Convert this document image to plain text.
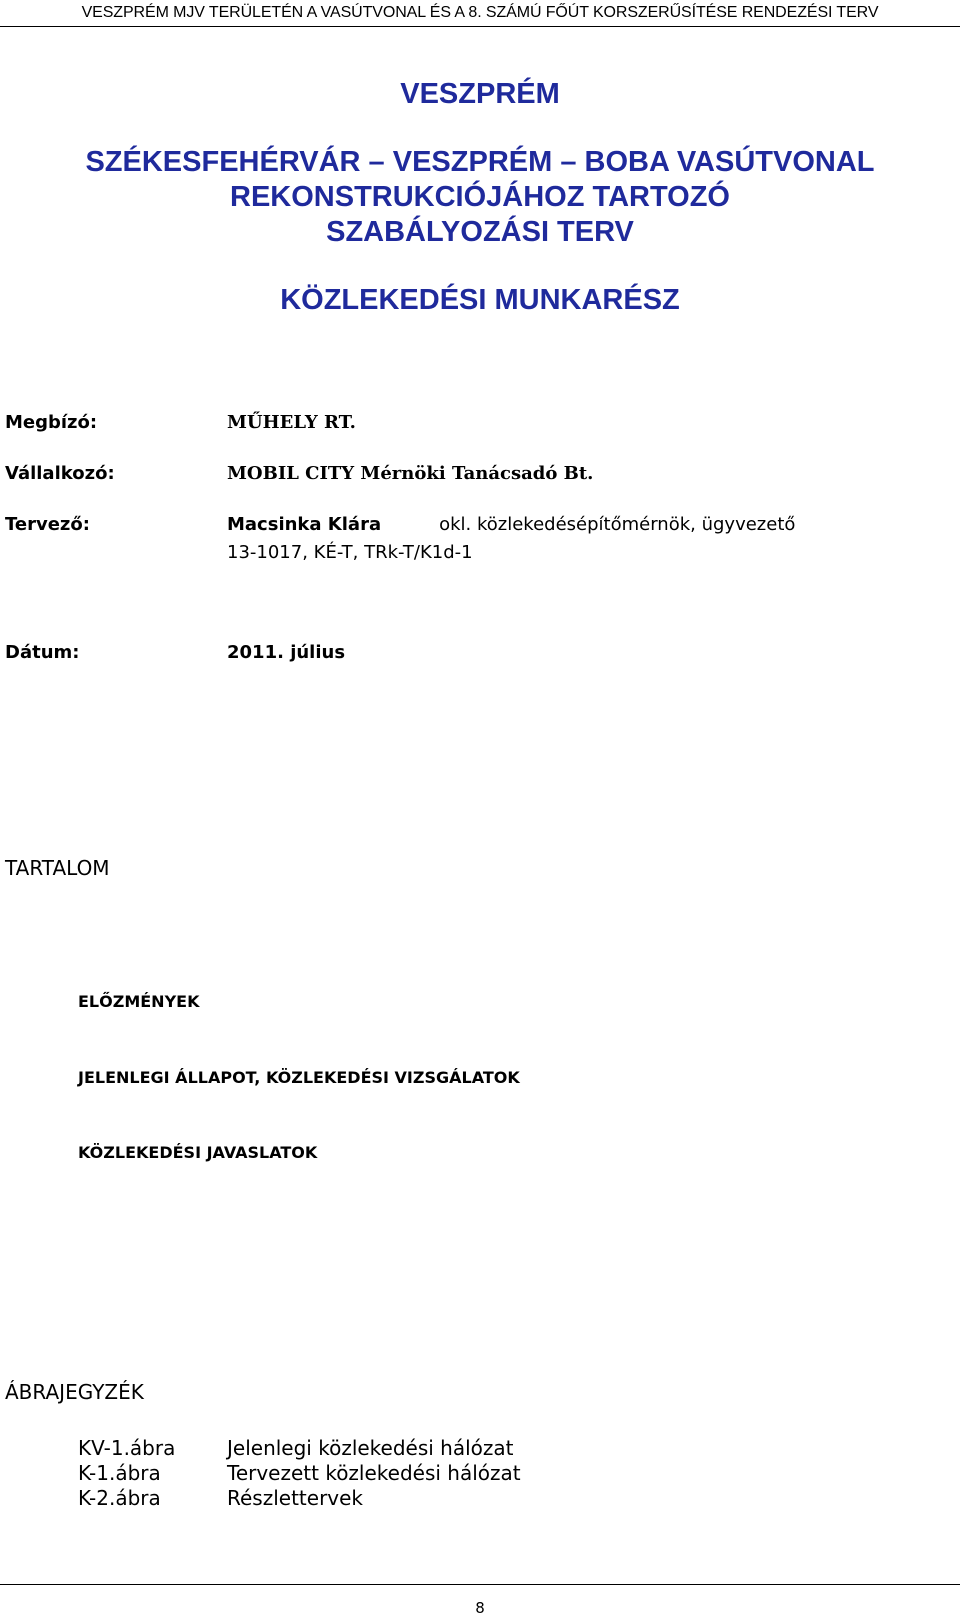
VESZPRÉM MJV TERÜLETÉN A VASÚTVONAL ÉS A 8. SZÁMÚ FŐÚT KORSZERŰSÍTÉSE RENDEZÉSI TERV
VESZPRÉM
SZÉKESFEHÉRVÁR – VESZPRÉM – BOBA VASÚTVONAL
REKONSTRUKCIÓJÁHOZ TARTOZÓ
SZABÁLYOZÁSI TERV
KÖZLEKEDÉSI MUNKARÉSZ
Megbízó:	MŰHELY RT.
Vállalkozó:	MOBIL CITY Mérnöki Tanácsadó Bt.
Tervező:	Macsinka Klára	okl. közlekedésépítőmérnök, ügyvezető
13-1017, KÉ-T, TRk-T/K1d-1
Dátum:	2011. július
TARTALOM
ELŐZMÉNYEK
JELENLEGI ÁLLAPOT, KÖZLEKEDÉSI VIZSGÁLATOK
KÖZLEKEDÉSI JAVASLATOK
ÁBRAJEGYZÉK
KV-1.ábra	Jelenlegi közlekedési hálózat
K-1.ábra	Tervezett közlekedési hálózat
K-2.ábra	Részlettervek
8
